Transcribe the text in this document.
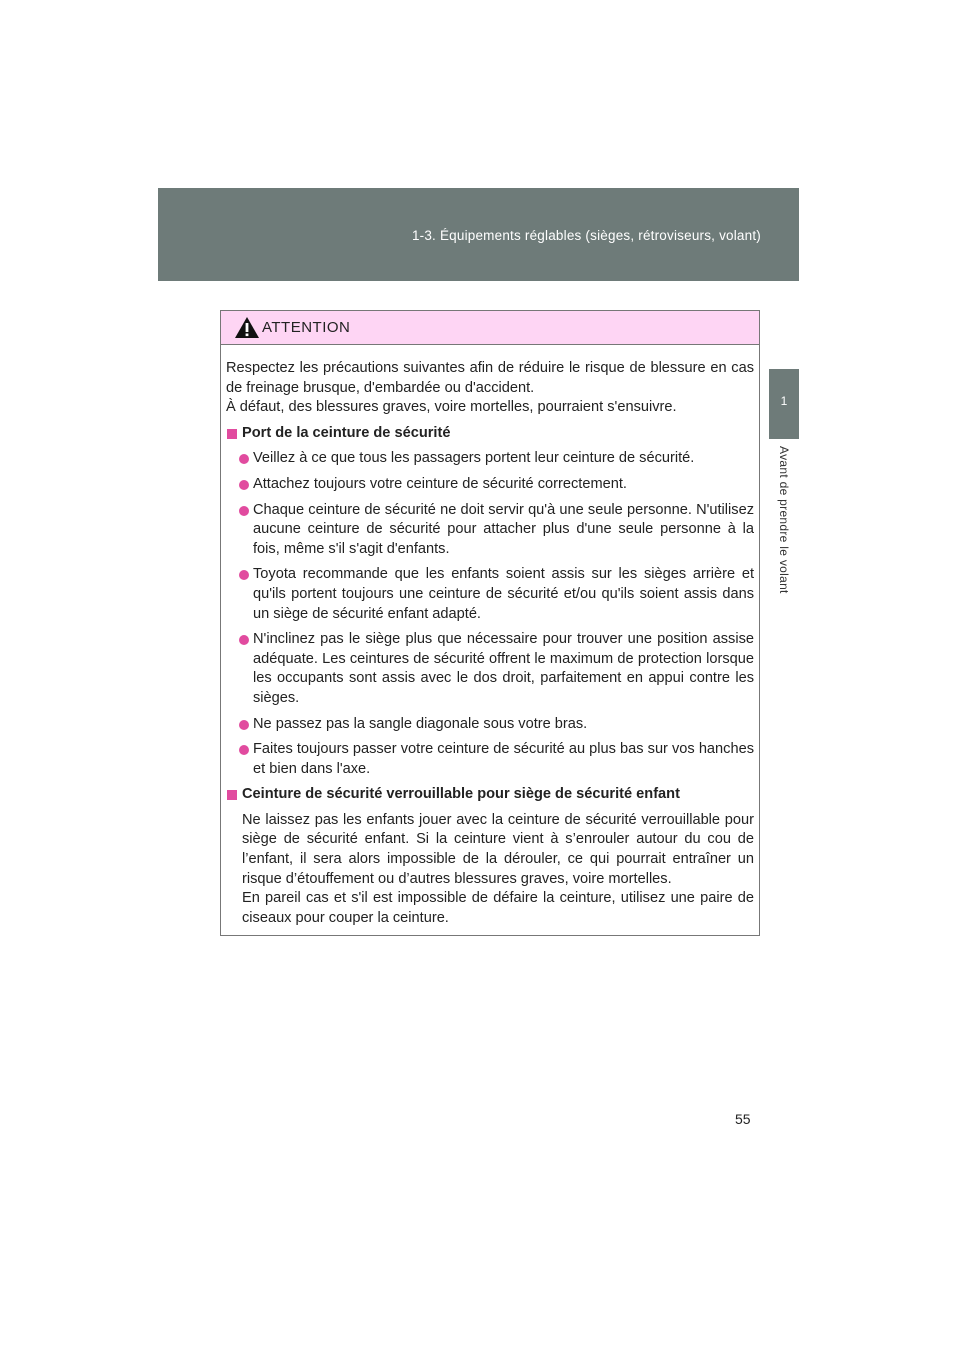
1-3. Équipements réglables (sièges, rétroviseurs, volant)
1
Avant de prendre le volant
ATTENTION

Respectez les précautions suivantes afin de réduire le risque de blessure en cas de freinage brusque, d'embardée ou d'accident.

À défaut, des blessures graves, voire mortelles, pourraient s'ensuivre.

Port de la ceinture de sécurité
Veillez à ce que tous les passagers portent leur ceinture de sécurité.
Attachez toujours votre ceinture de sécurité correctement.
Chaque ceinture de sécurité ne doit servir qu'à une seule personne. N'utilisez aucune ceinture de sécurité pour attacher plus d'une seule personne à la fois, même s'il s'agit d'enfants.
Toyota recommande que les enfants soient assis sur les sièges arrière et qu'ils portent toujours une ceinture de sécurité et/ou qu'ils soient assis dans un siège de sécurité enfant adapté.
N'inclinez pas le siège plus que nécessaire pour trouver une position assise adéquate. Les ceintures de sécurité offrent le maximum de protection lorsque les occupants sont assis avec le dos droit, parfaitement en appui contre les sièges.
Ne passez pas la sangle diagonale sous votre bras.
Faites toujours passer votre ceinture de sécurité au plus bas sur vos hanches et bien dans l'axe.
Ceinture de sécurité verrouillable pour siège de sécurité enfant

Ne laissez pas les enfants jouer avec la ceinture de sécurité verrouillable pour siège de sécurité enfant. Si la ceinture vient à s’enrouler autour du cou de l’enfant, il sera alors impossible de la dérouler, ce qui pourrait entraîner un risque d’étouffement ou d’autres blessures graves, voire mortelles.

En pareil cas et s'il est impossible de défaire la ceinture, utilisez une paire de ciseaux pour couper la ceinture.

55
